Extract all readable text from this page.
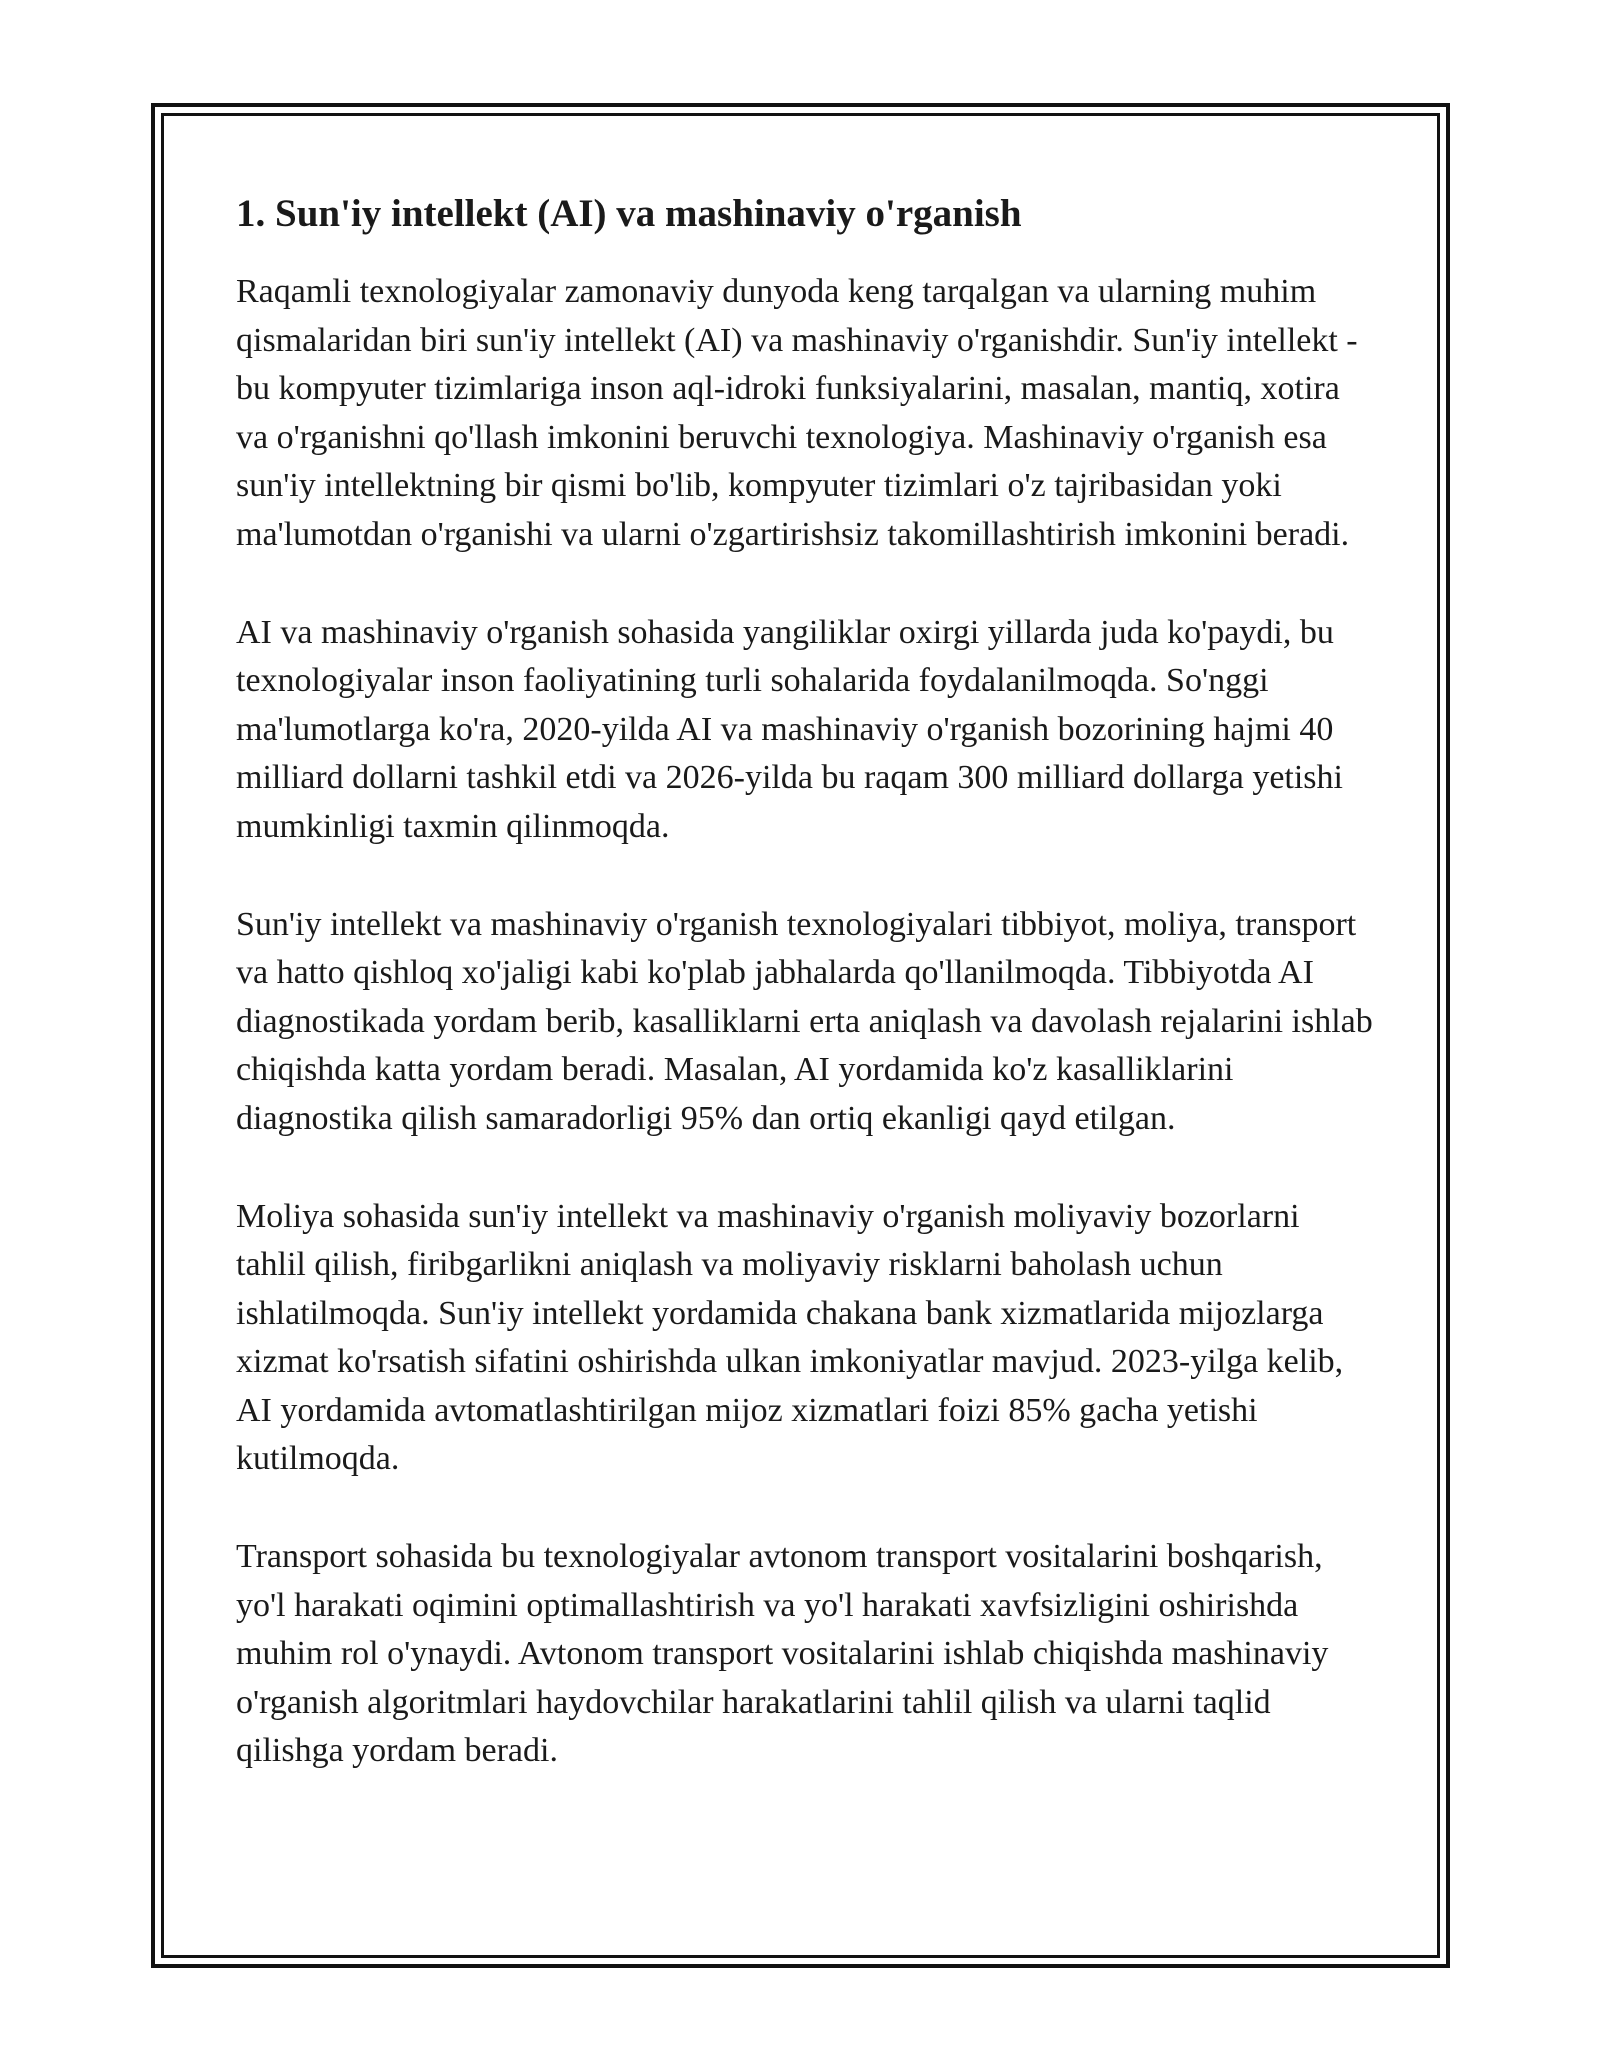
1. Sun'iy intellekt (AI) va mashinaviy o'rganish

Raqamli texnologiyalar zamonaviy dunyoda keng tarqalgan va ularning muhim qismalaridan biri sun'iy intellekt (AI) va mashinaviy o'rganishdir. Sun'iy intellekt - bu kompyuter tizimlariga inson aql-idroki funksiyalarini, masalan, mantiq, xotira va o'rganishni qo'llash imkonini beruvchi texnologiya. Mashinaviy o'rganish esa sun'iy intellektning bir qismi bo'lib, kompyuter tizimlari o'z tajribasidan yoki ma'lumotdan o'rganishi va ularni o'zgartirishsiz takomillashtirish imkonini beradi.

AI va mashinaviy o'rganish sohasida yangiliklar oxirgi yillarda juda ko'paydi, bu texnologiyalar inson faoliyatining turli sohalarida foydalanilmoqda. So'nggi ma'lumotlarga ko'ra, 2020-yilda AI va mashinaviy o'rganish bozorining hajmi 40 milliard dollarni tashkil etdi va 2026-yilda bu raqam 300 milliard dollarga yetishi mumkinligi taxmin qilinmoqda.

Sun'iy intellekt va mashinaviy o'rganish texnologiyalari tibbiyot, moliya, transport va hatto qishloq xo'jaligi kabi ko'plab jabhalarda qo'llanilmoqda. Tibbiyotda AI diagnostikada yordam berib, kasalliklarni erta aniqlash va davolash rejalarini ishlab chiqishda katta yordam beradi. Masalan, AI yordamida ko'z kasalliklarini diagnostika qilish samaradorligi 95% dan ortiq ekanligi qayd etilgan.

Moliya sohasida sun'iy intellekt va mashinaviy o'rganish moliyaviy bozorlarni tahlil qilish, firibgarlikni aniqlash va moliyaviy risklarni baholash uchun ishlatilmoqda. Sun'iy intellekt yordamida chakana bank xizmatlarida mijozlarga xizmat ko'rsatish sifatini oshirishda ulkan imkoniyatlar mavjud. 2023-yilga kelib, AI yordamida avtomatlashtirilgan mijoz xizmatlari foizi 85% gacha yetishi kutilmoqda.

Transport sohasida bu texnologiyalar avtonom transport vositalarini boshqarish, yo'l harakati oqimini optimallashtirish va yo'l harakati xavfsizligini oshirishda muhim rol o'ynaydi. Avtonom transport vositalarini ishlab chiqishda mashinaviy o'rganish algoritmlari haydovchilar harakatlarini tahlil qilish va ularni taqlid qilishga yordam beradi.
